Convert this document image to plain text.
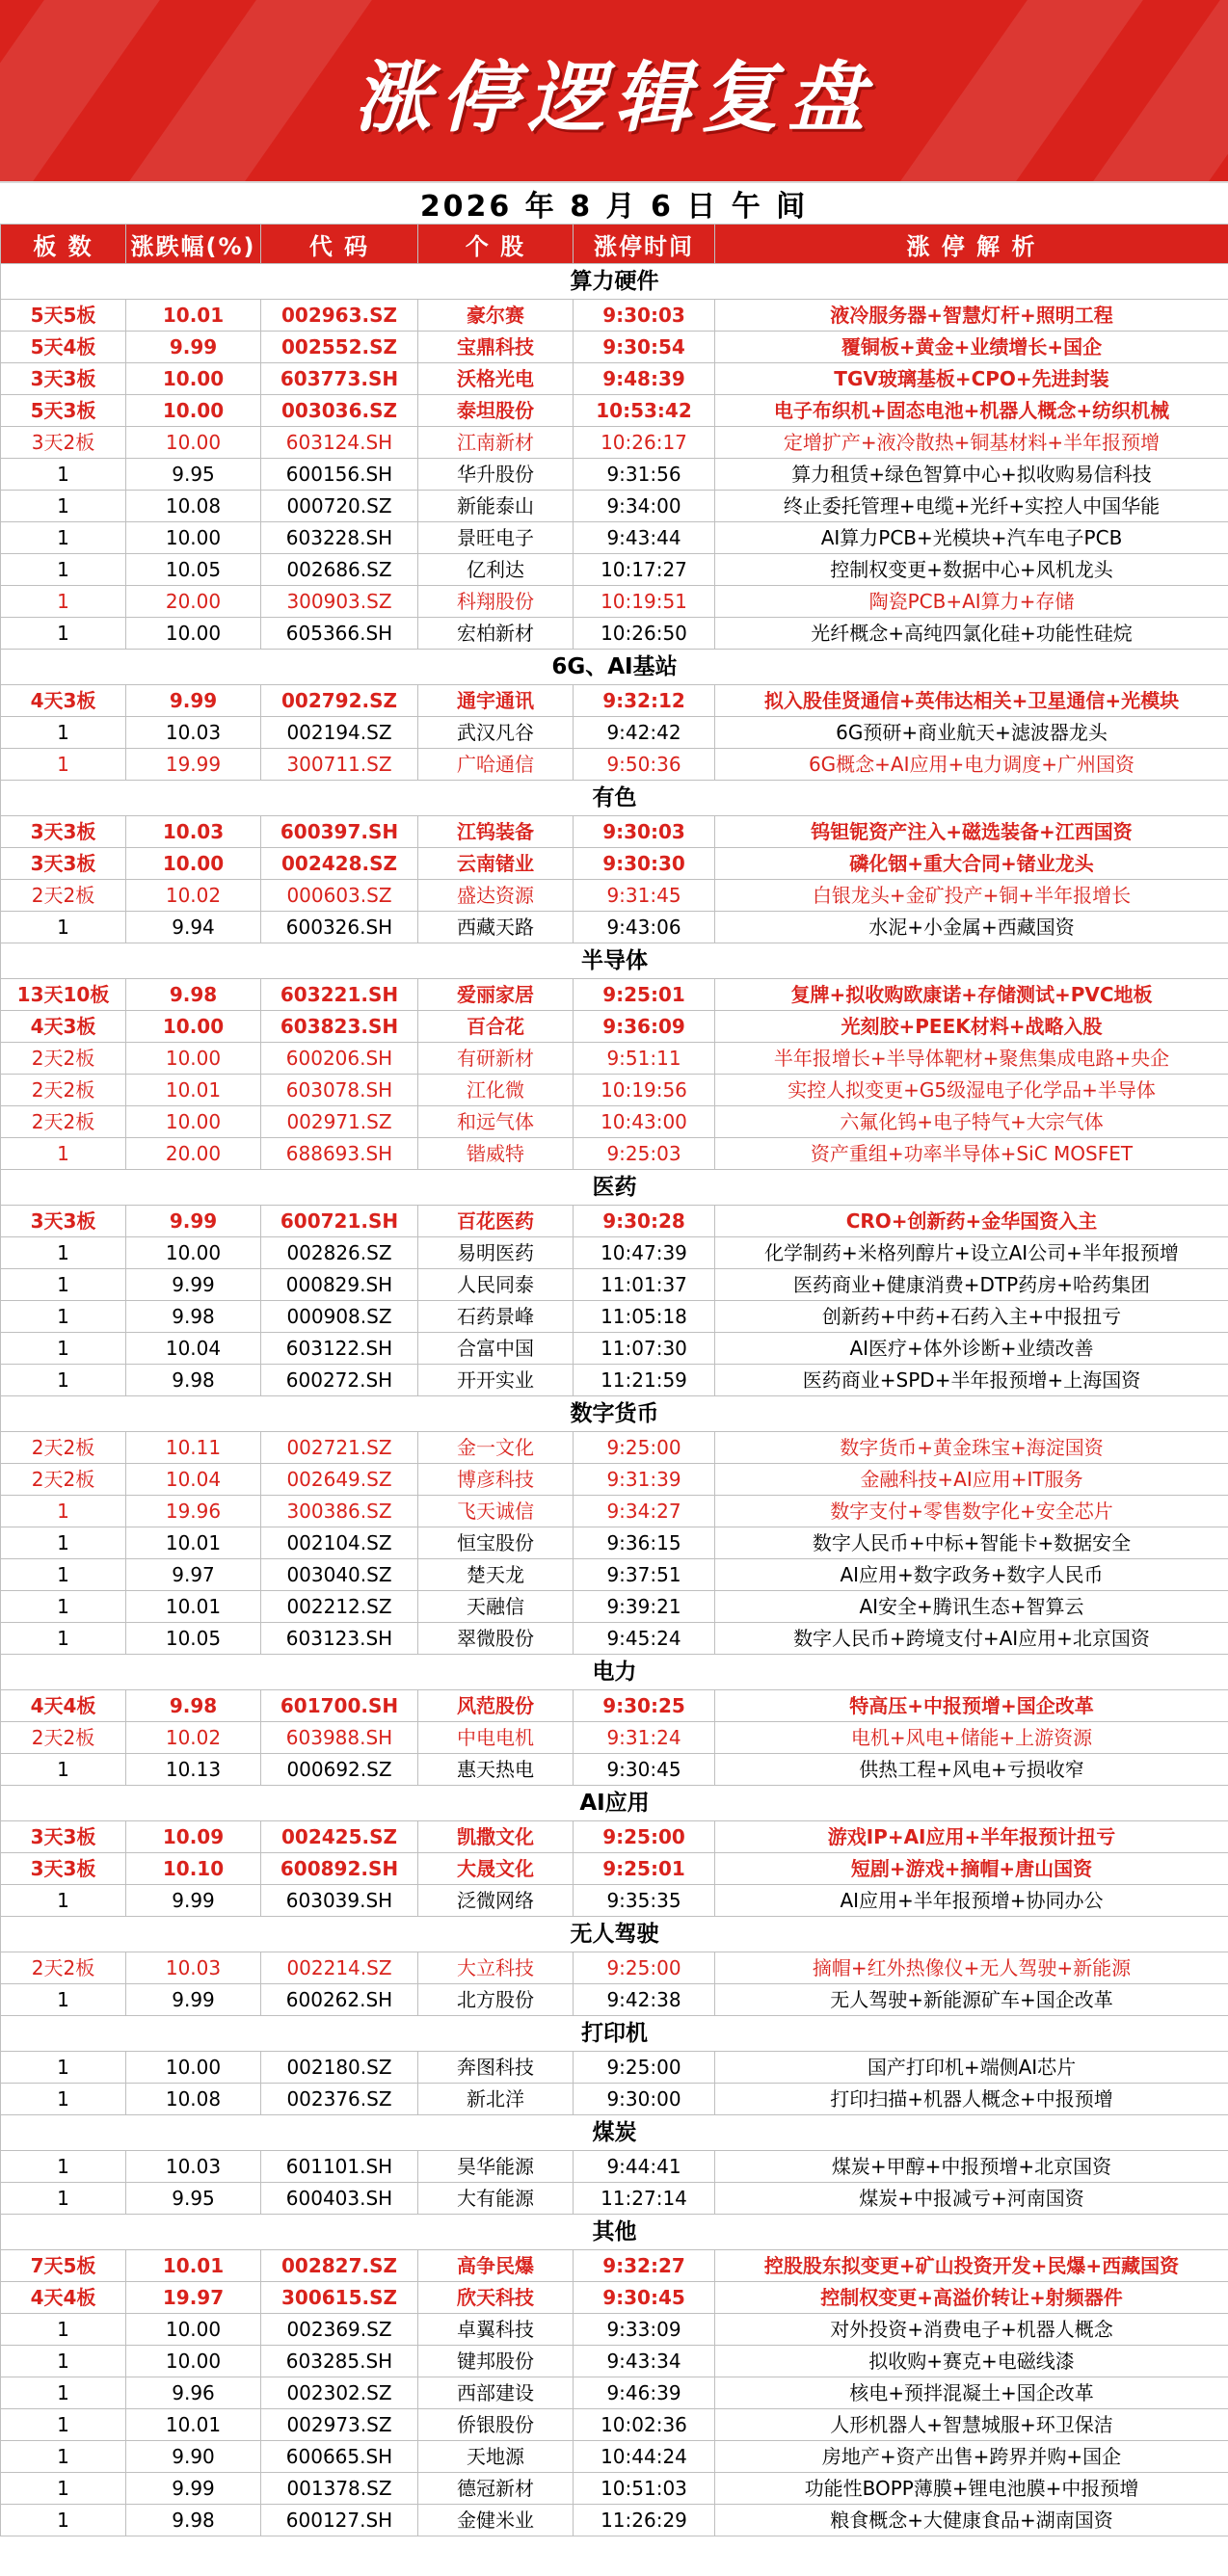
涨停逻辑复盘
2026 年 8 月 6 日 午 间
板 数	涨跌幅(%)	代 码	个 股	涨停时间	涨 停 解 析
算力硬件					
5天5板	10.01	002963.SZ	豪尔赛	9:30:03	液冷服务器+智慧灯杆+照明工程
5天4板	9.99	002552.SZ	宝鼎科技	9:30:54	覆铜板+黄金+业绩增长+国企
3天3板	10.00	603773.SH	沃格光电	9:48:39	TGV玻璃基板+CPO+先进封装
5天3板	10.00	003036.SZ	泰坦股份	10:53:42	电子布织机+固态电池+机器人概念+纺织机械
3天2板	10.00	603124.SH	江南新材	10:26:17	定增扩产+液冷散热+铜基材料+半年报预增
1	9.95	600156.SH	华升股份	9:31:56	算力租赁+绿色智算中心+拟收购易信科技
1	10.08	000720.SZ	新能泰山	9:34:00	终止委托管理+电缆+光纤+实控人中国华能
1	10.00	603228.SH	景旺电子	9:43:44	AI算力PCB+光模块+汽车电子PCB
1	10.05	002686.SZ	亿利达	10:17:27	控制权变更+数据中心+风机龙头
1	20.00	300903.SZ	科翔股份	10:19:51	陶瓷PCB+AI算力+存储
1	10.00	605366.SH	宏柏新材	10:26:50	光纤概念+高纯四氯化硅+功能性硅烷
6G、AI基站					
4天3板	9.99	002792.SZ	通宇通讯	9:32:12	拟入股佳贤通信+英伟达相关+卫星通信+光模块
1	10.03	002194.SZ	武汉凡谷	9:42:42	6G预研+商业航天+滤波器龙头
1	19.99	300711.SZ	广哈通信	9:50:36	6G概念+AI应用+电力调度+广州国资
有色					
3天3板	10.03	600397.SH	江钨装备	9:30:03	钨钽铌资产注入+磁选装备+江西国资
3天3板	10.00	002428.SZ	云南锗业	9:30:30	磷化铟+重大合同+锗业龙头
2天2板	10.02	000603.SZ	盛达资源	9:31:45	白银龙头+金矿投产+铜+半年报增长
1	9.94	600326.SH	西藏天路	9:43:06	水泥+小金属+西藏国资
半导体					
13天10板	9.98	603221.SH	爱丽家居	9:25:01	复牌+拟收购欧康诺+存储测试+PVC地板
4天3板	10.00	603823.SH	百合花	9:36:09	光刻胶+PEEK材料+战略入股
2天2板	10.00	600206.SH	有研新材	9:51:11	半年报增长+半导体靶材+聚焦集成电路+央企
2天2板	10.01	603078.SH	江化微	10:19:56	实控人拟变更+G5级湿电子化学品+半导体
2天2板	10.00	002971.SZ	和远气体	10:43:00	六氟化钨+电子特气+大宗气体
1	20.00	688693.SH	锴威特	9:25:03	资产重组+功率半导体+SiC MOSFET
医药					
3天3板	9.99	600721.SH	百花医药	9:30:28	CRO+创新药+金华国资入主
1	10.00	002826.SZ	易明医药	10:47:39	化学制药+米格列醇片+设立AI公司+半年报预增
1	9.99	000829.SH	人民同泰	11:01:37	医药商业+健康消费+DTP药房+哈药集团
1	9.98	000908.SZ	石药景峰	11:05:18	创新药+中药+石药入主+中报扭亏
1	10.04	603122.SH	合富中国	11:07:30	AI医疗+体外诊断+业绩改善
1	9.98	600272.SH	开开实业	11:21:59	医药商业+SPD+半年报预增+上海国资
数字货币					
2天2板	10.11	002721.SZ	金一文化	9:25:00	数字货币+黄金珠宝+海淀国资
2天2板	10.04	002649.SZ	博彦科技	9:31:39	金融科技+AI应用+IT服务
1	19.96	300386.SZ	飞天诚信	9:34:27	数字支付+零售数字化+安全芯片
1	10.01	002104.SZ	恒宝股份	9:36:15	数字人民币+中标+智能卡+数据安全
1	9.97	003040.SZ	楚天龙	9:37:51	AI应用+数字政务+数字人民币
1	10.01	002212.SZ	天融信	9:39:21	AI安全+腾讯生态+智算云
1	10.05	603123.SH	翠微股份	9:45:24	数字人民币+跨境支付+AI应用+北京国资
电力					
4天4板	9.98	601700.SH	风范股份	9:30:25	特高压+中报预增+国企改革
2天2板	10.02	603988.SH	中电电机	9:31:24	电机+风电+储能+上游资源
1	10.13	000692.SZ	惠天热电	9:30:45	供热工程+风电+亏损收窄
AI应用					
3天3板	10.09	002425.SZ	凯撒文化	9:25:00	游戏IP+AI应用+半年报预计扭亏
3天3板	10.10	600892.SH	大晟文化	9:25:01	短剧+游戏+摘帽+唐山国资
1	9.99	603039.SH	泛微网络	9:35:35	AI应用+半年报预增+协同办公
无人驾驶					
2天2板	10.03	002214.SZ	大立科技	9:25:00	摘帽+红外热像仪+无人驾驶+新能源
1	9.99	600262.SH	北方股份	9:42:38	无人驾驶+新能源矿车+国企改革
打印机					
1	10.00	002180.SZ	奔图科技	9:25:00	国产打印机+端侧AI芯片
1	10.08	002376.SZ	新北洋	9:30:00	打印扫描+机器人概念+中报预增
煤炭					
1	10.03	601101.SH	昊华能源	9:44:41	煤炭+甲醇+中报预增+北京国资
1	9.95	600403.SH	大有能源	11:27:14	煤炭+中报减亏+河南国资
其他					
7天5板	10.01	002827.SZ	高争民爆	9:32:27	控股股东拟变更+矿山投资开发+民爆+西藏国资
4天4板	19.97	300615.SZ	欣天科技	9:30:45	控制权变更+高溢价转让+射频器件
1	10.00	002369.SZ	卓翼科技	9:33:09	对外投资+消费电子+机器人概念
1	10.00	603285.SH	键邦股份	9:43:34	拟收购+赛克+电磁线漆
1	9.96	002302.SZ	西部建设	9:46:39	核电+预拌混凝土+国企改革
1	10.01	002973.SZ	侨银股份	10:02:36	人形机器人+智慧城服+环卫保洁
1	9.90	600665.SH	天地源	10:44:24	房地产+资产出售+跨界并购+国企
1	9.99	001378.SZ	德冠新材	10:51:03	功能性BOPP薄膜+锂电池膜+中报预增
1	9.98	600127.SH	金健米业	11:26:29	粮食概念+大健康食品+湖南国资
